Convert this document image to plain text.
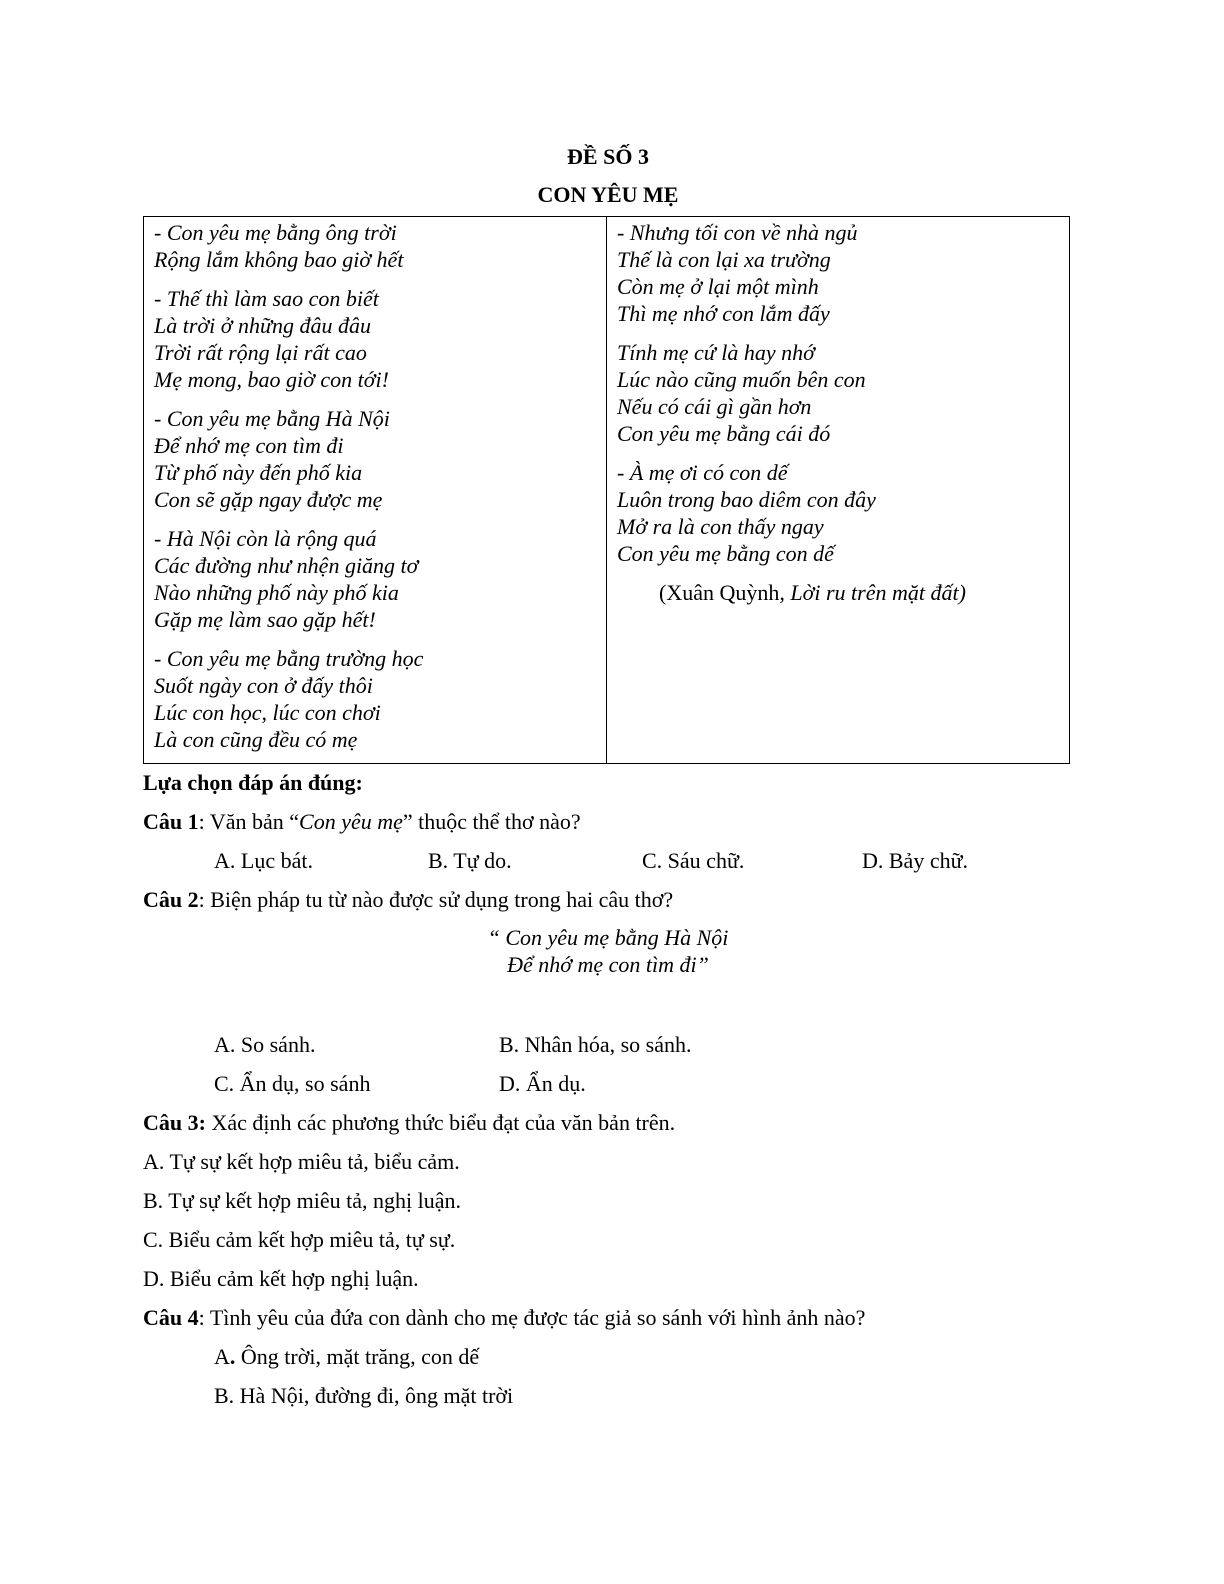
ĐỀ SỐ 3
CON YÊU MẸ
- Con yêu mẹ bằng ông trời
Rộng lắm không bao giờ hết
- Thế thì làm sao con biết
Là trời ở những đâu đâu
Trời rất rộng lại rất cao
Mẹ mong, bao giờ con tới!
- Con yêu mẹ bằng Hà Nội
Để nhớ mẹ con tìm đi
Từ phố này đến phố kia
Con sẽ gặp ngay được mẹ
- Hà Nội còn là rộng quá
Các đường như nhện giăng tơ
Nào những phố này phố kia
Gặp mẹ làm sao gặp hết!
- Con yêu mẹ bằng trường học
Suốt ngày con ở đấy thôi
Lúc con học, lúc con chơi
Là con cũng đều có mẹ

- Nhưng tối con về nhà ngủ
Thế là con lại xa trường
Còn mẹ ở lại một mình
Thì mẹ nhớ con lắm đấy
Tính mẹ cứ là hay nhớ
Lúc nào cũng muốn bên con
Nếu có cái gì gần hơn
Con yêu mẹ bằng cái đó
- À mẹ ơi có con dế
Luôn trong bao diêm con đây
Mở ra là con thấy ngay
Con yêu mẹ bằng con dế
(Xuân Quỳnh, Lời ru trên mặt đất)
Lựa chọn đáp án đúng:
Câu 1: Văn bản “Con yêu mẹ” thuộc thể thơ nào?
A. Lục bát.	B. Tự do.	C. Sáu chữ.	D. Bảy chữ.
Câu 2: Biện pháp tu từ nào được sử dụng trong hai câu thơ?
“ Con yêu mẹ bằng Hà Nội
Để nhớ mẹ con tìm đi”
A. So sánh.	B. Nhân hóa, so sánh.
C. Ẩn dụ, so sánh	D. Ẩn dụ.
Câu 3: Xác định các phương thức biểu đạt của văn bản trên.
A. Tự sự kết hợp miêu tả, biểu cảm.
B. Tự sự kết hợp miêu tả, nghị luận.
C. Biểu cảm kết hợp miêu tả, tự sự.
D. Biểu cảm kết hợp nghị luận.
Câu 4: Tình yêu của đứa con dành cho mẹ được tác giả so sánh với hình ảnh nào?
A. Ông trời, mặt trăng, con dế
B. Hà Nội, đường đi, ông mặt trời
